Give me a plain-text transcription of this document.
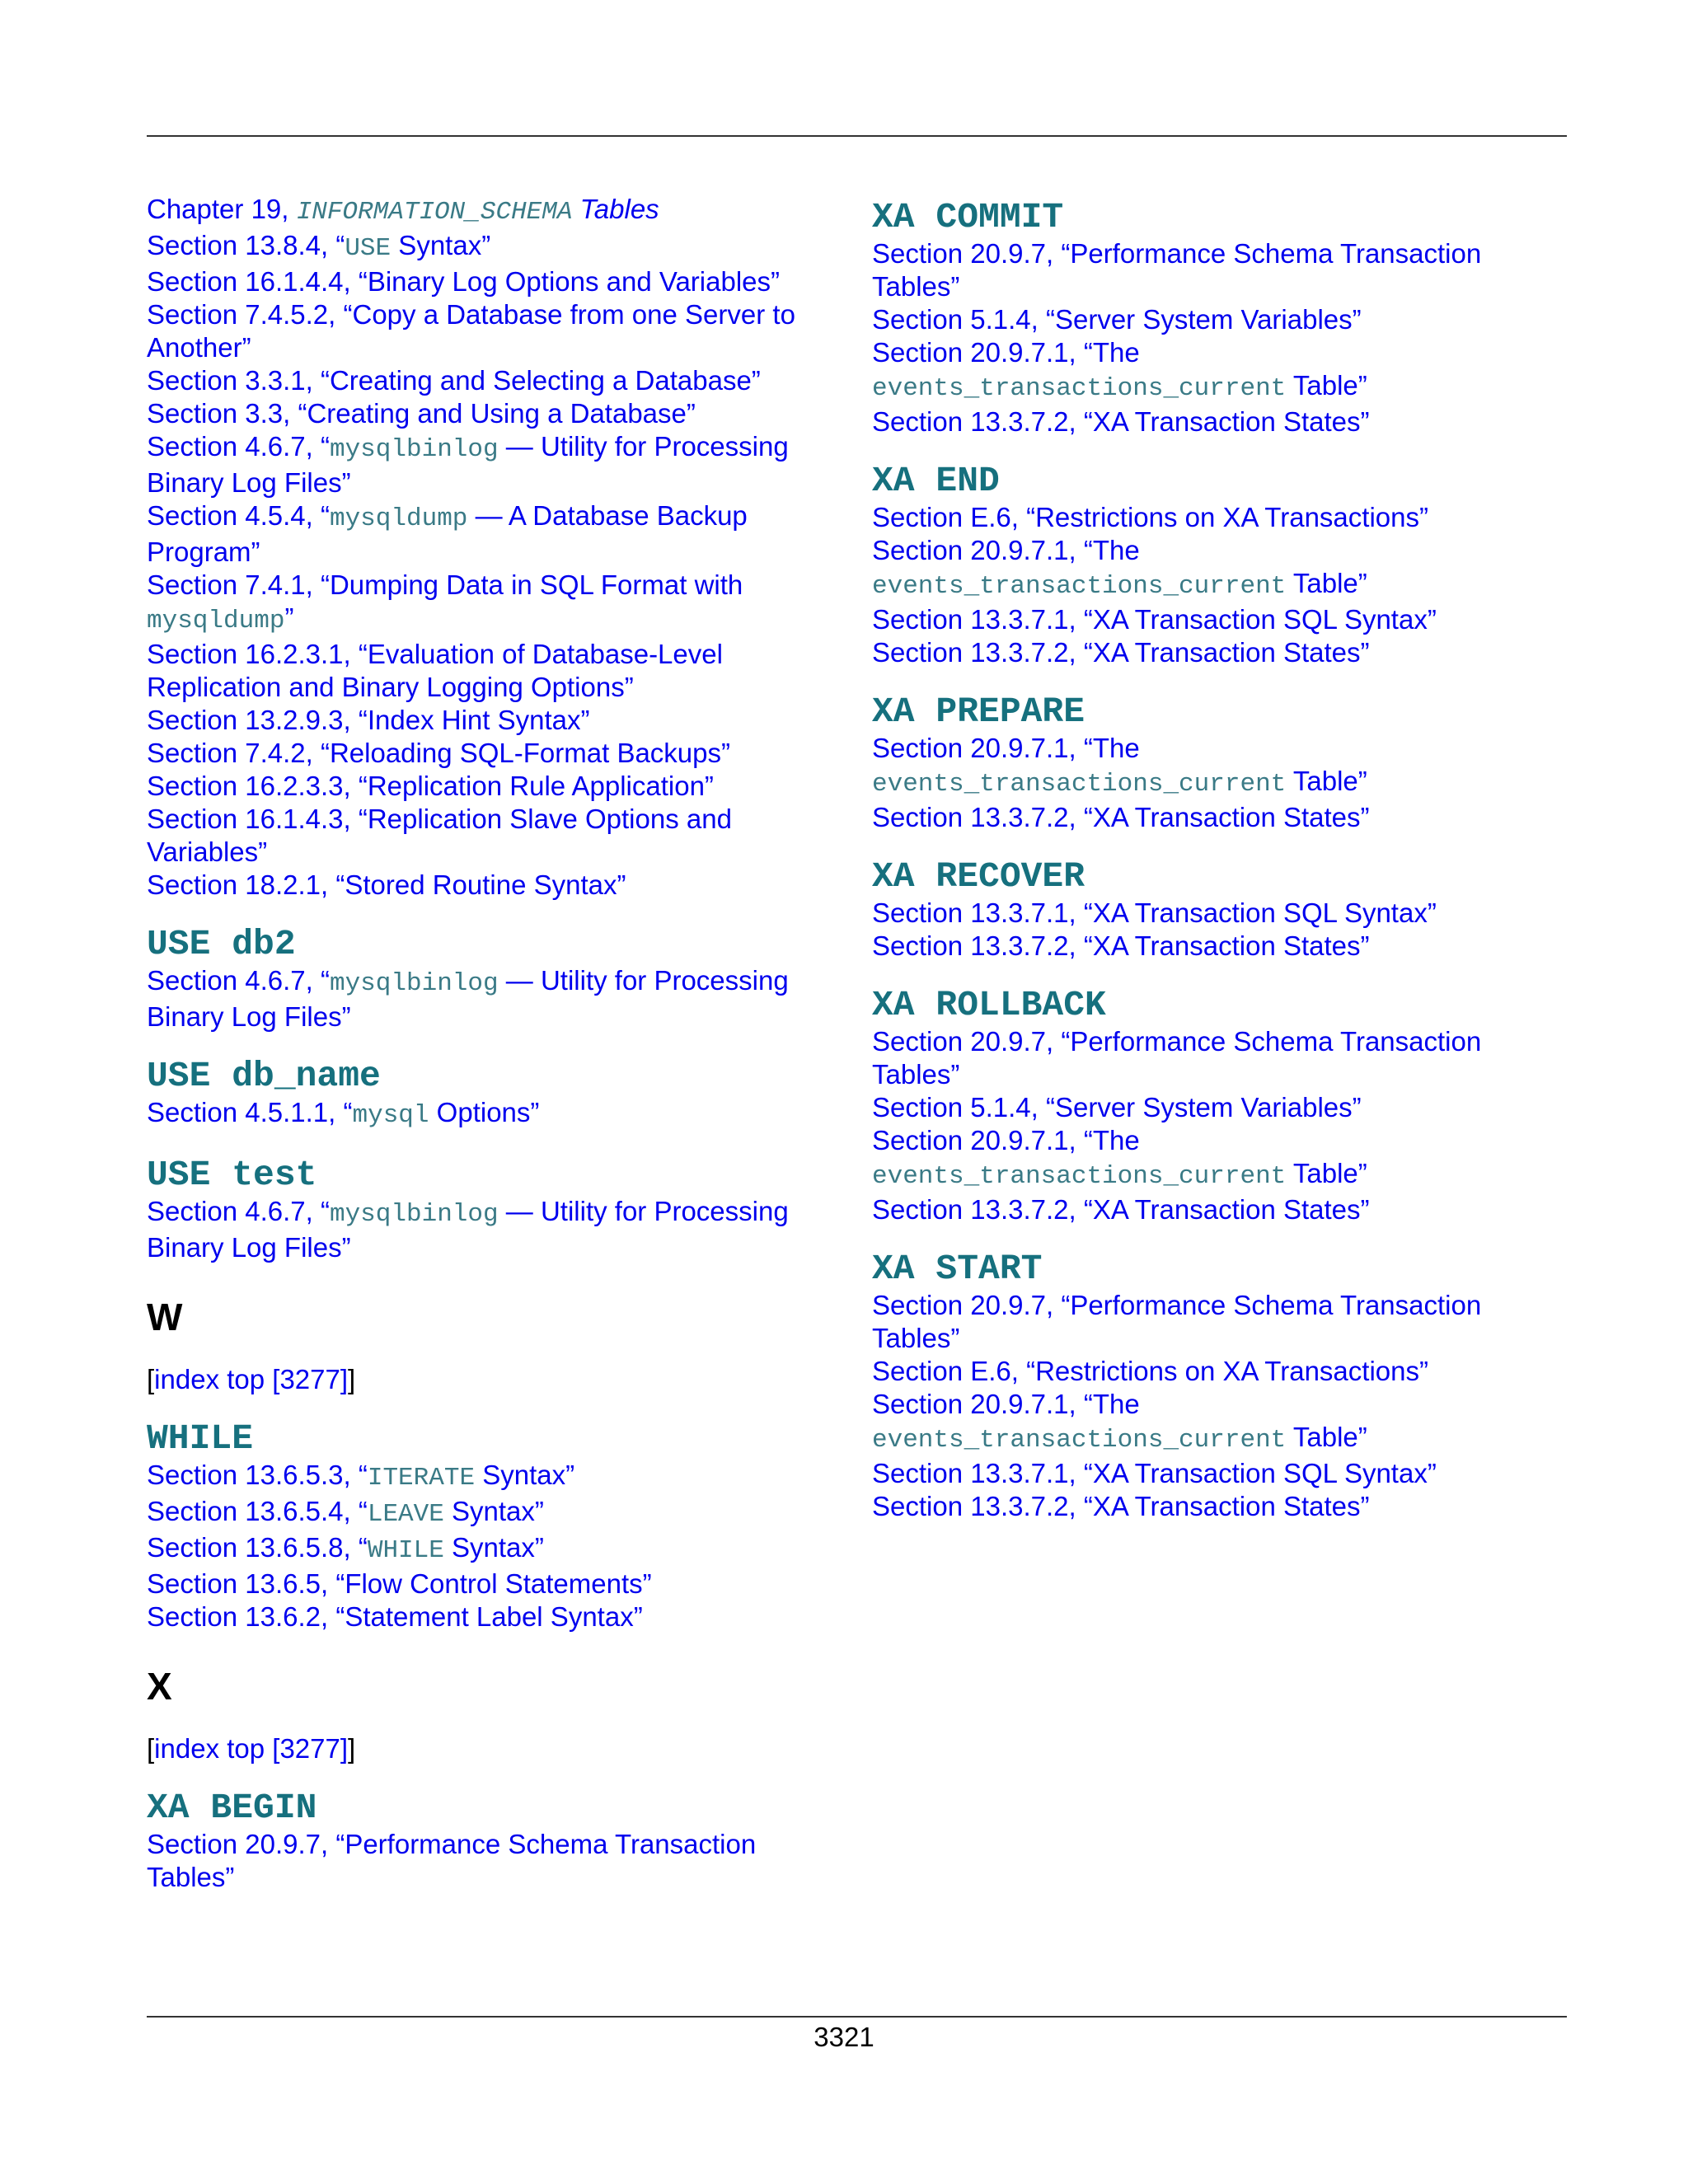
Chapter 19, INFORMATION_SCHEMA Tables
Section 13.8.4, “USE Syntax”
Section 16.1.4.4, “Binary Log Options and Variables”
Section 7.4.5.2, “Copy a Database from one Server to
Another”
Section 3.3.1, “Creating and Selecting a Database”
Section 3.3, “Creating and Using a Database”
Section 4.6.7, “mysqlbinlog — Utility for Processing
Binary Log Files”
Section 4.5.4, “mysqldump — A Database Backup
Program”
Section 7.4.1, “Dumping Data in SQL Format with
mysqldump”
Section 16.2.3.1, “Evaluation of Database-Level
Replication and Binary Logging Options”
Section 13.2.9.3, “Index Hint Syntax”
Section 7.4.2, “Reloading SQL-Format Backups”
Section 16.2.3.3, “Replication Rule Application”
Section 16.1.4.3, “Replication Slave Options and
Variables”
Section 18.2.1, “Stored Routine Syntax”
USE db2
Section 4.6.7, “mysqlbinlog — Utility for Processing
Binary Log Files”
USE db_name
Section 4.5.1.1, “mysql Options”
USE test
Section 4.6.7, “mysqlbinlog — Utility for Processing
Binary Log Files”
W
[index top [3277]]
WHILE
Section 13.6.5.3, “ITERATE Syntax”
Section 13.6.5.4, “LEAVE Syntax”
Section 13.6.5.8, “WHILE Syntax”
Section 13.6.5, “Flow Control Statements”
Section 13.6.2, “Statement Label Syntax”
X
[index top [3277]]
XA BEGIN
Section 20.9.7, “Performance Schema Transaction
Tables”
XA COMMIT
Section 20.9.7, “Performance Schema Transaction
Tables”
Section 5.1.4, “Server System Variables”
Section 20.9.7.1, “The
events_transactions_current Table”
Section 13.3.7.2, “XA Transaction States”
XA END
Section E.6, “Restrictions on XA Transactions”
Section 20.9.7.1, “The
events_transactions_current Table”
Section 13.3.7.1, “XA Transaction SQL Syntax”
Section 13.3.7.2, “XA Transaction States”
XA PREPARE
Section 20.9.7.1, “The
events_transactions_current Table”
Section 13.3.7.2, “XA Transaction States”
XA RECOVER
Section 13.3.7.1, “XA Transaction SQL Syntax”
Section 13.3.7.2, “XA Transaction States”
XA ROLLBACK
Section 20.9.7, “Performance Schema Transaction
Tables”
Section 5.1.4, “Server System Variables”
Section 20.9.7.1, “The
events_transactions_current Table”
Section 13.3.7.2, “XA Transaction States”
XA START
Section 20.9.7, “Performance Schema Transaction
Tables”
Section E.6, “Restrictions on XA Transactions”
Section 20.9.7.1, “The
events_transactions_current Table”
Section 13.3.7.1, “XA Transaction SQL Syntax”
Section 13.3.7.2, “XA Transaction States”
3321
